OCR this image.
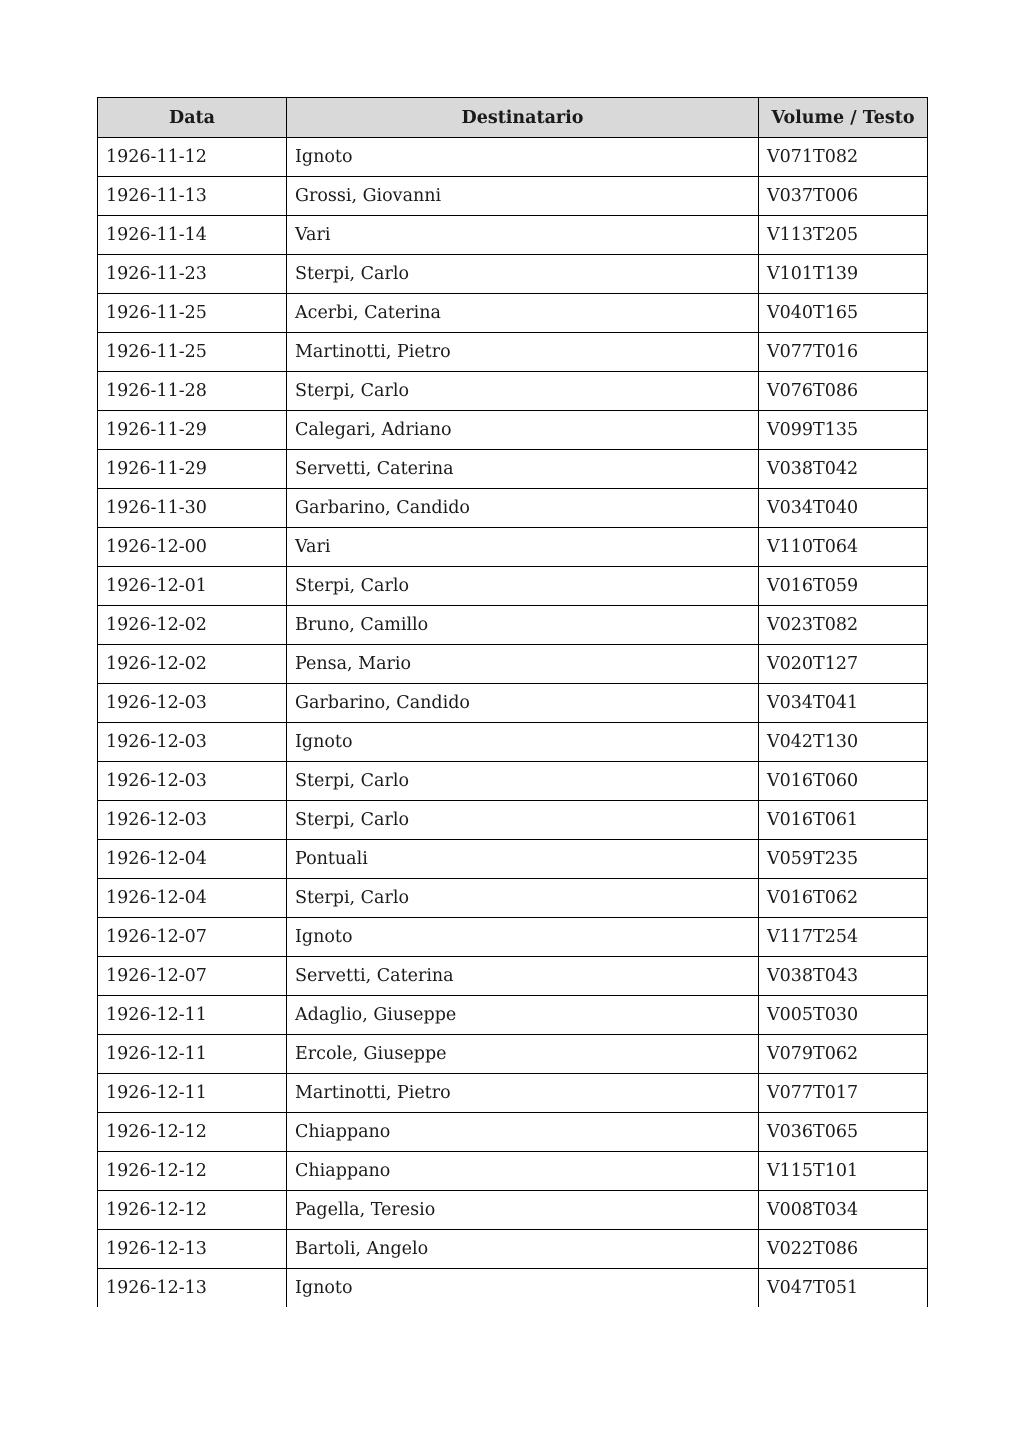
Data	Destinatario	Volume / Testo
1926-11-12	Ignoto	V071T082
1926-11-13	Grossi, Giovanni	V037T006
1926-11-14	Vari	V113T205
1926-11-23	Sterpi, Carlo	V101T139
1926-11-25	Acerbi, Caterina	V040T165
1926-11-25	Martinotti, Pietro	V077T016
1926-11-28	Sterpi, Carlo	V076T086
1926-11-29	Calegari, Adriano	V099T135
1926-11-29	Servetti, Caterina	V038T042
1926-11-30	Garbarino, Candido	V034T040
1926-12-00	Vari	V110T064
1926-12-01	Sterpi, Carlo	V016T059
1926-12-02	Bruno, Camillo	V023T082
1926-12-02	Pensa, Mario	V020T127
1926-12-03	Garbarino, Candido	V034T041
1926-12-03	Ignoto	V042T130
1926-12-03	Sterpi, Carlo	V016T060
1926-12-03	Sterpi, Carlo	V016T061
1926-12-04	Pontuali	V059T235
1926-12-04	Sterpi, Carlo	V016T062
1926-12-07	Ignoto	V117T254
1926-12-07	Servetti, Caterina	V038T043
1926-12-11	Adaglio, Giuseppe	V005T030
1926-12-11	Ercole, Giuseppe	V079T062
1926-12-11	Martinotti, Pietro	V077T017
1926-12-12	Chiappano	V036T065
1926-12-12	Chiappano	V115T101
1926-12-12	Pagella, Teresio	V008T034
1926-12-13	Bartoli, Angelo	V022T086
1926-12-13	Ignoto	V047T051
